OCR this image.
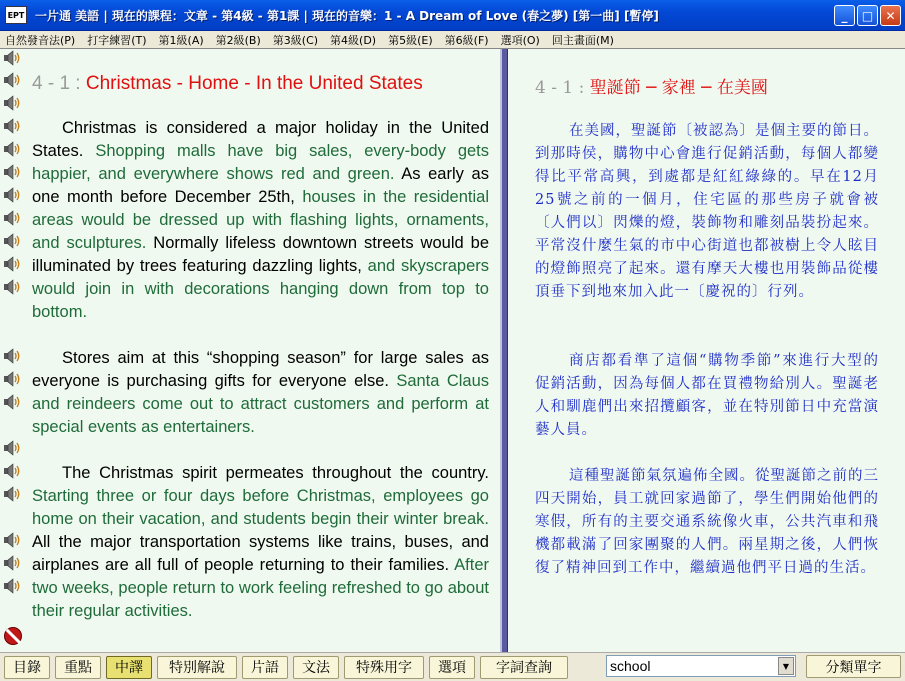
EPT 一片通 美語 | 現在的課程：文章 - 第4級 - 第1課 | 現在的音樂：1 - A Dream of Love (春之夢) [第一曲] [暫停]	_	□	✕
自然發音法(P) 打字練習(T) 第1級(A) 第2級(B) 第3級(C) 第4級(D) 第5級(E) 第6級(F) 選項(O) 回主畫面(M)
4 - 1 : Christmas - Home - In the United States
Christmas is considered a major holiday in the United States. Shopping malls have big sales, every-body gets happier, and everywhere shows red and green. As early as one month before December 25th, houses in the residential areas would be dressed up with flashing lights, ornaments, and sculptures. Normally lifeless downtown streets would be illuminated by trees featuring dazzling lights, and skyscrapers would join in with decorations hanging down from top to bottom.
Stores aim at this “shopping season” for large sales as everyone is purchasing gifts for everyone else. Santa Claus and reindeers come out to attract customers and perform at special events as entertainers.
The Christmas spirit permeates throughout the country. Starting three or four days before Christmas, employees go home on their vacation, and students begin their winter break. All the major transportation systems like trains, buses, and airplanes are all full of people returning to their families. After two weeks, people return to work feeling refreshed to go about their regular activities.
4 - 1 : 聖誕節 ─ 家裡 ─ 在美國
在美國，聖誕節〔被認為〕是個主要的節日。到那時侯，購物中心會進行促銷活動，每個人都變得比平常高興，到處都是紅紅綠綠的。早在12月25號之前的一個月，住宅區的那些房子就會被〔人們以〕閃爍的燈，裝飾物和雕刻品裝扮起來。平常沒什麼生氣的市中心街道也都被樹上令人眩目的燈飾照亮了起來。還有摩天大樓也用裝飾品從樓頂垂下到地來加入此一〔慶祝的〕行列。
商店都看準了這個“購物季節”來進行大型的促銷活動，因為每個人都在買禮物給別人。聖誕老人和馴鹿們出來招攬顧客，並在特別節日中充當演藝人員。
這種聖誕節氣氛遍佈全國。從聖誕節之前的三四天開始，員工就回家過節了，學生們開始他們的寒假，所有的主要交通系統像火車，公共汽車和飛機都載滿了回家團聚的人們。兩星期之後，人們恢復了精神回到工作中，繼續過他們平日過的生活。
目錄	重點	中譯	特別解說	片語	文法	特殊用字	選項	字詞查詢
school	▼	分類單字
